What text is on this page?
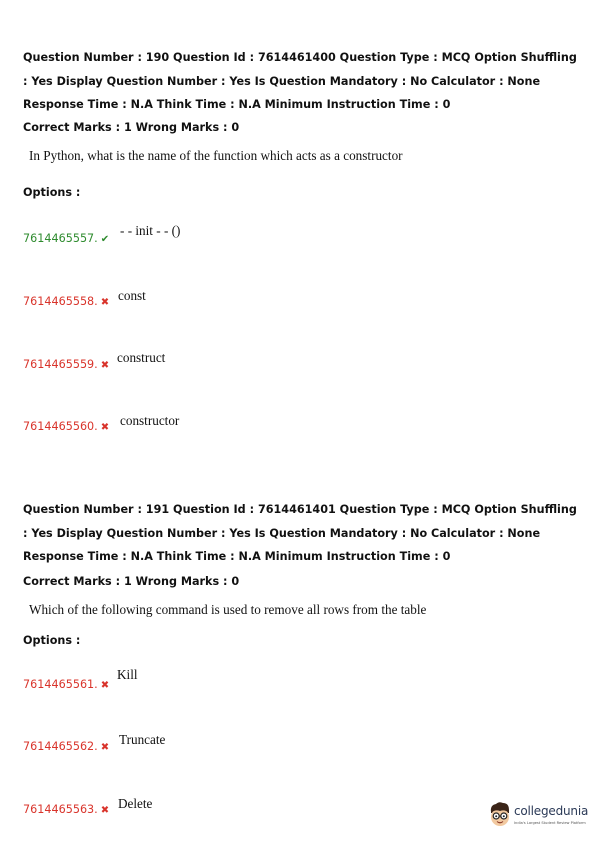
Question Number : 190 Question Id : 7614461400 Question Type : MCQ Option Shuffling : Yes Display Question Number : Yes Is Question Mandatory : No Calculator : None Response Time : N.A Think Time : N.A Minimum Instruction Time : 0

Correct Marks : 1 Wrong Marks : 0
In Python, what is the name of the function which acts as a constructor
Options :
7614465557. ✔
- - init - - ()
7614465558. ✖ const
7614465559. ✖
construct
7614465560. ✖ constructor

Question Number : 191 Question Id : 7614461401 Question Type : MCQ Option Shuffling : Yes Display Question Number : Yes Is Question Mandatory : No Calculator : None Response Time : N.A Think Time : N.A Minimum Instruction Time : 0

Correct Marks : 1 Wrong Marks : 0
Which of the following command is used to remove all rows from the table
Options :
7614465561. ✖
Kill
7614465562. ✖
Truncate
7614465563. ✖ Delete	collegedunia
India's Largest Student Review Platform
